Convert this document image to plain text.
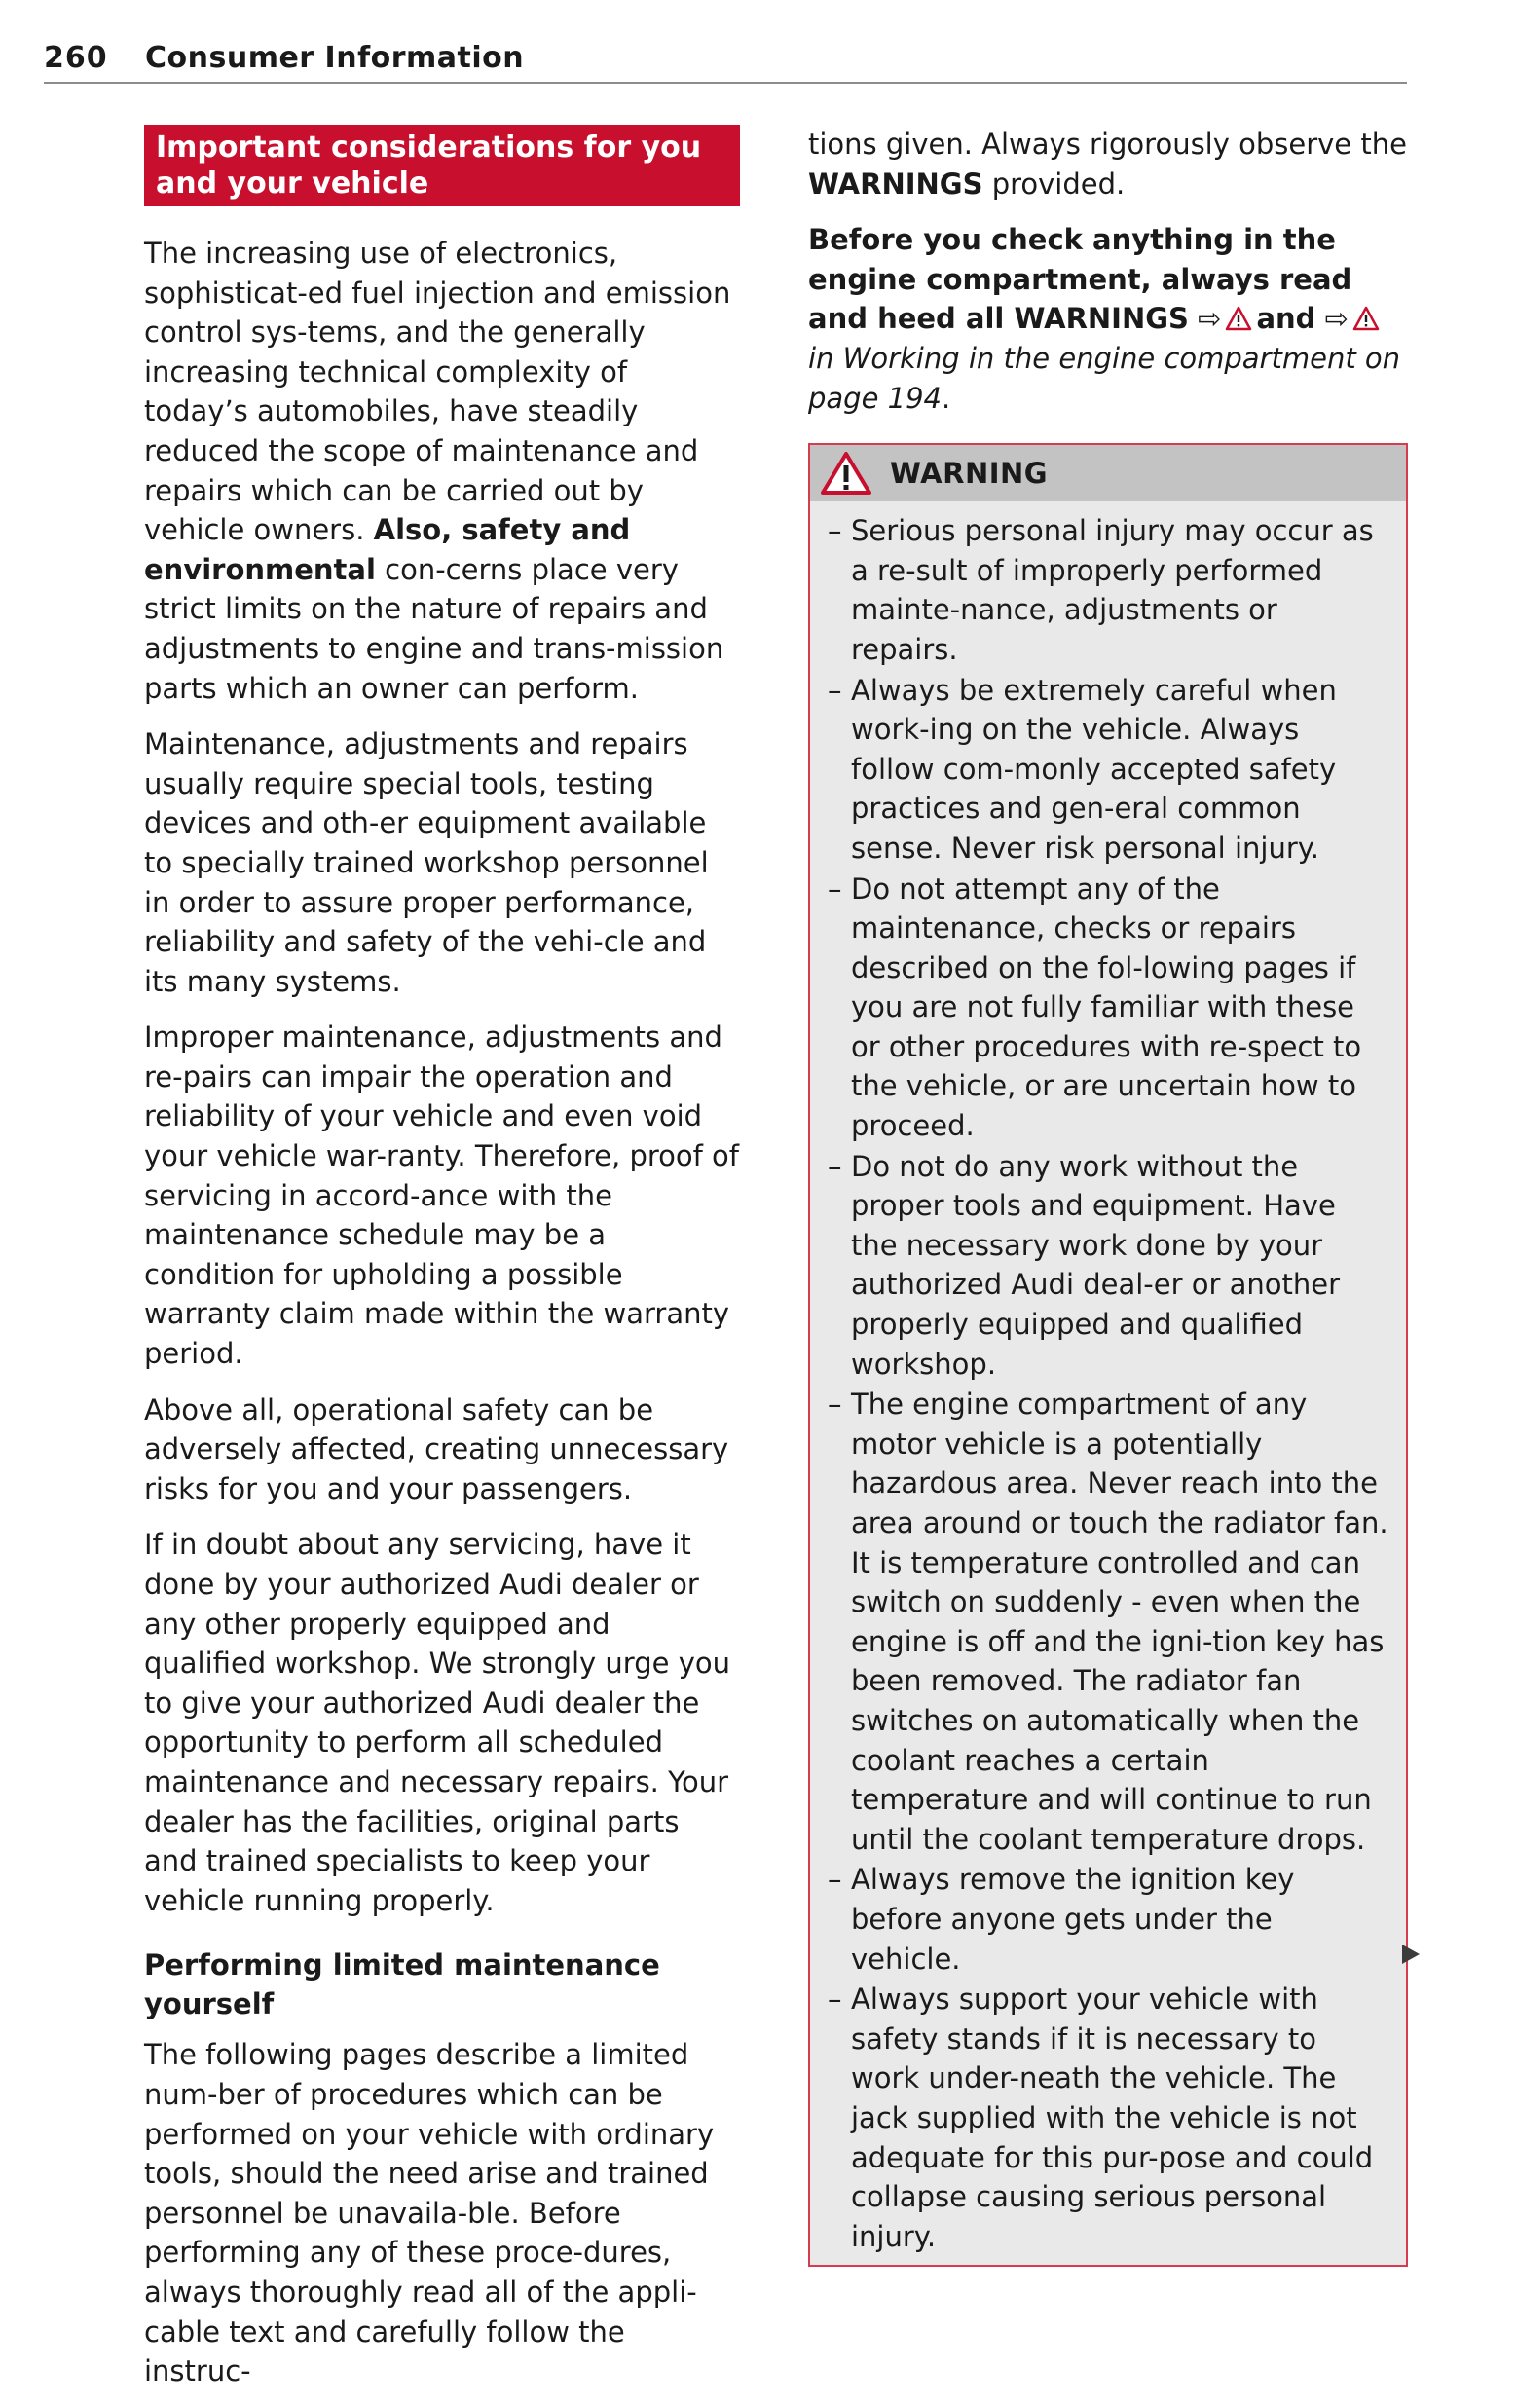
260 Consumer Information
Important considerations for you and your vehicle

The increasing use of electronics, sophisticat-ed fuel injection and emission control sys-tems, and the generally increasing technical complexity of today’s automobiles, have steadily reduced the scope of maintenance and repairs which can be carried out by vehicle owners. Also, safety and environmental con-cerns place very strict limits on the nature of repairs and adjustments to engine and trans-mission parts which an owner can perform.

Maintenance, adjustments and repairs usually require special tools, testing devices and oth-er equipment available to specially trained workshop personnel in order to assure proper performance, reliability and safety of the vehi-cle and its many systems.

Improper maintenance, adjustments and re-pairs can impair the operation and reliability of your vehicle and even void your vehicle war-ranty. Therefore, proof of servicing in accord-ance with the maintenance schedule may be a condition for upholding a possible warranty claim made within the warranty period.

Above all, operational safety can be adversely affected, creating unnecessary risks for you and your passengers.

If in doubt about any servicing, have it done by your authorized Audi dealer or any other properly equipped and qualified workshop. We strongly urge you to give your authorized Audi dealer the opportunity to perform all scheduled maintenance and necessary repairs. Your dealer has the facilities, original parts and trained specialists to keep your vehicle running properly.

Performing limited maintenance yourself

The following pages describe a limited num-ber of procedures which can be performed on your vehicle with ordinary tools, should the need arise and trained personnel be unavaila-ble. Before performing any of these proce-dures, always thoroughly read all of the appli-cable text and carefully follow the instruc-

tions given. Always rigorously observe the WARNINGS provided.

Before you check anything in the engine compartment, always read and heed all WARNINGS ⇨ and ⇨in Working in the engine compartment on page 194.

WARNING
– Serious personal injury may occur as a re-sult of improperly performed mainte-nance, adjustments or repairs.
– Always be extremely careful when work-ing on the vehicle. Always follow com-monly accepted safety practices and gen-eral common sense. Never risk personal injury.
– Do not attempt any of the maintenance, checks or repairs described on the fol-lowing pages if you are not fully familiar with these or other procedures with re-spect to the vehicle, or are uncertain how to proceed.
– Do not do any work without the proper tools and equipment. Have the necessary work done by your authorized Audi deal-er or another properly equipped and qualified workshop.
– The engine compartment of any motor vehicle is a potentially hazardous area. Never reach into the area around or touch the radiator fan. It is temperature controlled and can switch on suddenly - even when the engine is off and the igni-tion key has been removed. The radiator fan switches on automatically when the coolant reaches a certain temperature and will continue to run until the coolant temperature drops.
– Always remove the ignition key before anyone gets under the vehicle.
– Always support your vehicle with safety stands if it is necessary to work under-neath the vehicle. The jack supplied with the vehicle is not adequate for this pur-pose and could collapse causing serious personal injury.
